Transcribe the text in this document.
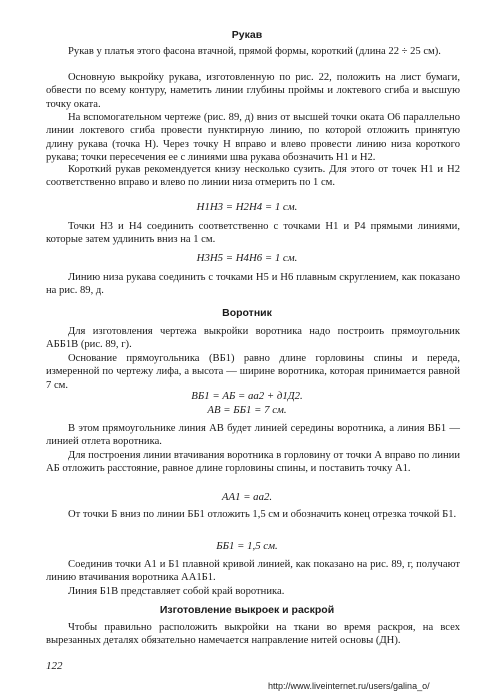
Рукав
Рукав у платья этого фасона втачной, прямой формы, короткий (длина 22 ÷ 25 см).
Основную выкройку рукава, изготовленную по рис. 22, положить на лист бумаги, обвести по всему контуру, наметить линии глубины проймы и локтевого сгиба и высшую точку оката.
На вспомогательном чертеже (рис. 89, д) вниз от высшей точки оката О6 параллельно линии локтевого сгиба провести пунктирную линию, по которой отложить принятую длину рукава (точка Н). Через точку Н вправо и влево провести линию низа короткого рукава; точки пересечения ее с линиями шва рукава обозначить Н1 и Н2.
Короткий рукав рекомендуется книзу несколько сузить. Для этого от точек Н1 и Н2 соответственно вправо и влево по линии низа отмерить по 1 см.
Н1Н3 = Н2Н4 = 1 см.
Точки Н3 и Н4 соединить соответственно с точками Н1 и Р4 прямыми линиями, которые затем удлинить вниз на 1 см.
Н3Н5 = Н4Н6 = 1 см.
Линию низа рукава соединить с точками Н5 и Н6 плавным скруглением, как показано на рис. 89, д.
Воротник
Для изготовления чертежа выкройки воротника надо построить прямоугольник АББ1В (рис. 89, г).
Основание прямоугольника (ВБ1) равно длине горловины спины и переда, измеренной по чертежу лифа, а высота — ширине воротника, которая принимается равной 7 см.
ВБ1 = АБ = аа2 + д1Д2.
АВ = ББ1 = 7 см.
В этом прямоугольнике линия АВ будет линией середины воротника, а линия ВБ1 — линией отлета воротника.
Для построения линии втачивания воротника в горловину от точки А вправо по линии АБ отложить расстояние, равное длине горловины спины, и поставить точку А1.
АА1 = аа2.
От точки Б вниз по линии ББ1 отложить 1,5 см и обозначить конец отрезка точкой Б1.
ББ1 = 1,5 см.
Соединив точки А1 и Б1 плавной кривой линией, как показано на рис. 89, г, получают линию втачивания воротника АА1Б1.
Линия Б1В представляет собой край воротника.
Изготовление выкроек и раскрой
Чтобы правильно расположить выкройки на ткани во время раскроя, на всех вырезанных деталях обязательно намечается направление нитей основы (ДН).
122
http://www.liveinternet.ru/users/galina_o/
